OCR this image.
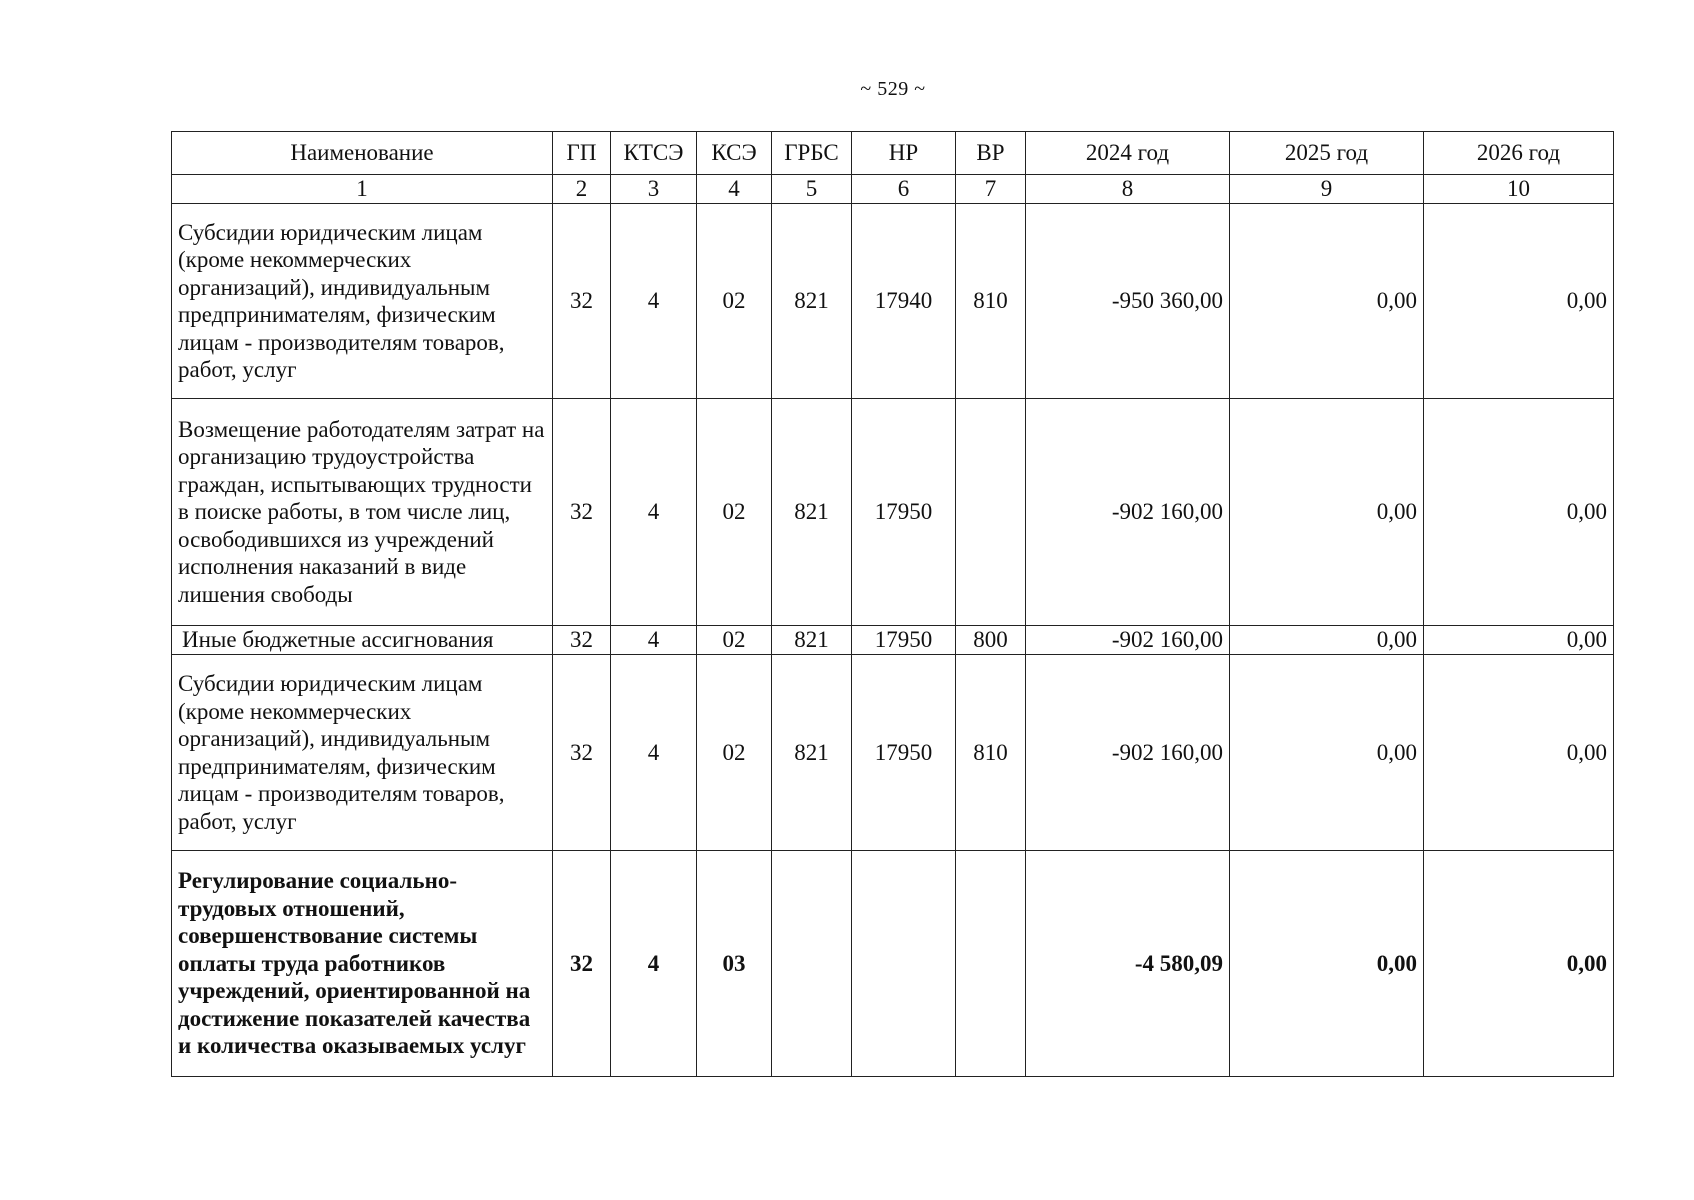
~ 529 ~
Наименование	ГП	КТСЭ	КСЭ	ГРБС	НР	ВР	2024 год	2025 год	2026 год
1	2	3	4	5	6	7	8	9	10
Субсидии юридическим лицам (кроме некоммерческих организаций), индивидуальным предпринимателям, физическим лицам - производителям товаров, работ, услуг	32	4	02	821	17940	810	-950 360,00	0,00	0,00
Возмещение работодателям затрат на организацию трудоустройства граждан, испытывающих трудности в поиске работы, в том числе лиц, освободившихся из учреждений исполнения наказаний в виде лишения свободы	32	4	02	821	17950		-902 160,00	0,00	0,00
Иные бюджетные ассигнования	32	4	02	821	17950	800	-902 160,00	0,00	0,00
Субсидии юридическим лицам (кроме некоммерческих организаций), индивидуальным предпринимателям, физическим лицам - производителям товаров, работ, услуг	32	4	02	821	17950	810	-902 160,00	0,00	0,00
Регулирование социально-трудовых отношений, совершенствование системы оплаты труда работников учреждений, ориентированной на достижение показателей качества и количества оказываемых услуг	32	4	03				-4 580,09	0,00	0,00
